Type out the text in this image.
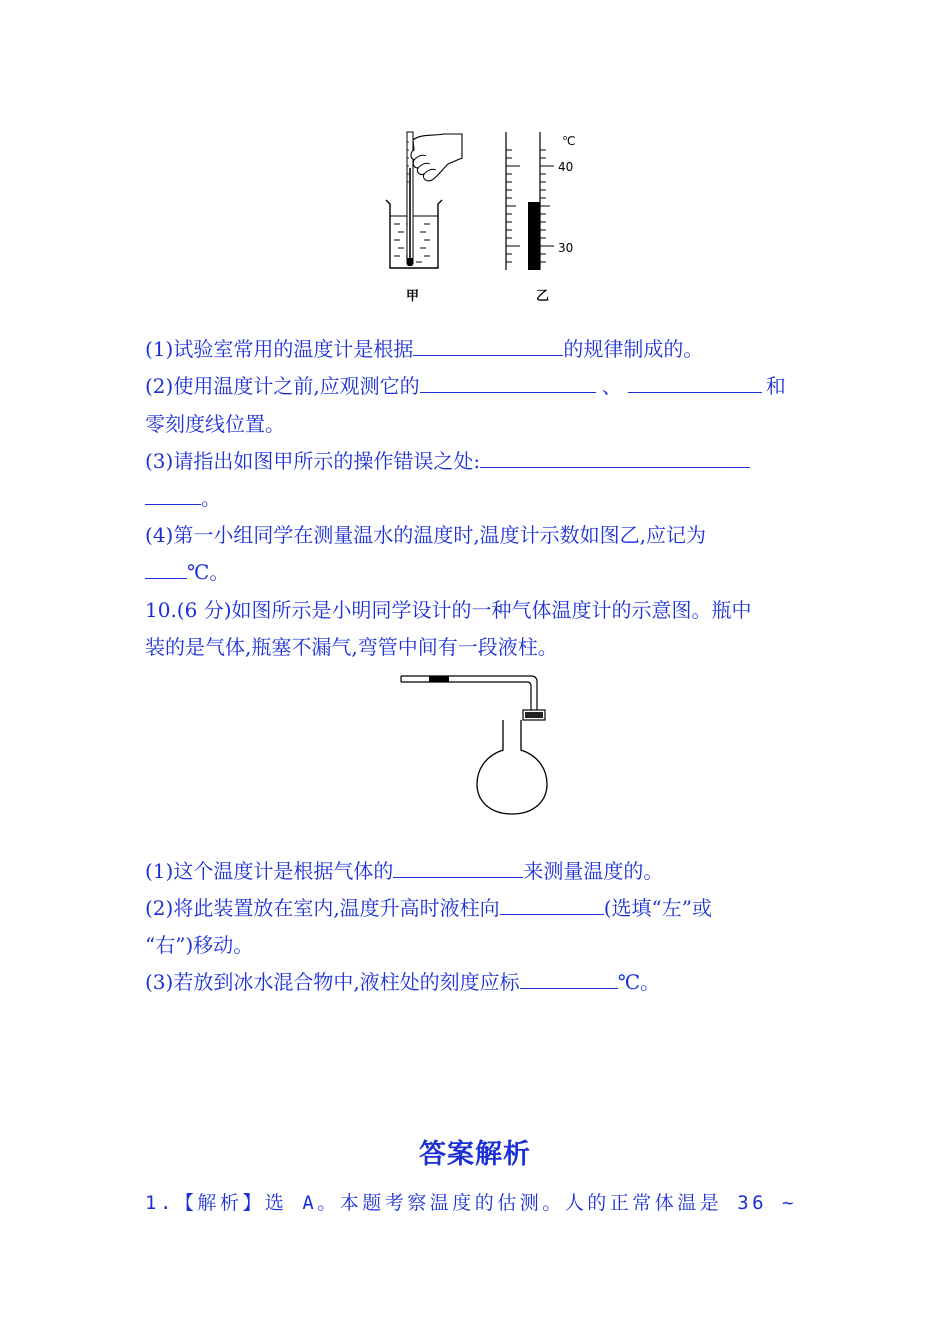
甲
℃
40
30
乙
(1)试验室常用的温度计是根据	的规律制成的。
(2)使用温度计之前,应观测它的	、	和
零刻度线位置。
(3)请指出如图甲所示的操作错误之处:
。
(4)第一小组同学在测量温水的温度时,温度计示数如图乙,应记为
℃。
10.(6 分)如图所示是小明同学设计的一种气体温度计的示意图。瓶中
装的是气体,瓶塞不漏气,弯管中间有一段液柱。
(1)这个温度计是根据气体的	来测量温度的。
(2)将此装置放在室内,温度升高时液柱向	(选填“左”或
“右”)移动。
(3)若放到冰水混合物中,液柱处的刻度应标	℃。
答案解析
1.【解析】选 A。本题考察温度的估测。人的正常体温是 36 ~
